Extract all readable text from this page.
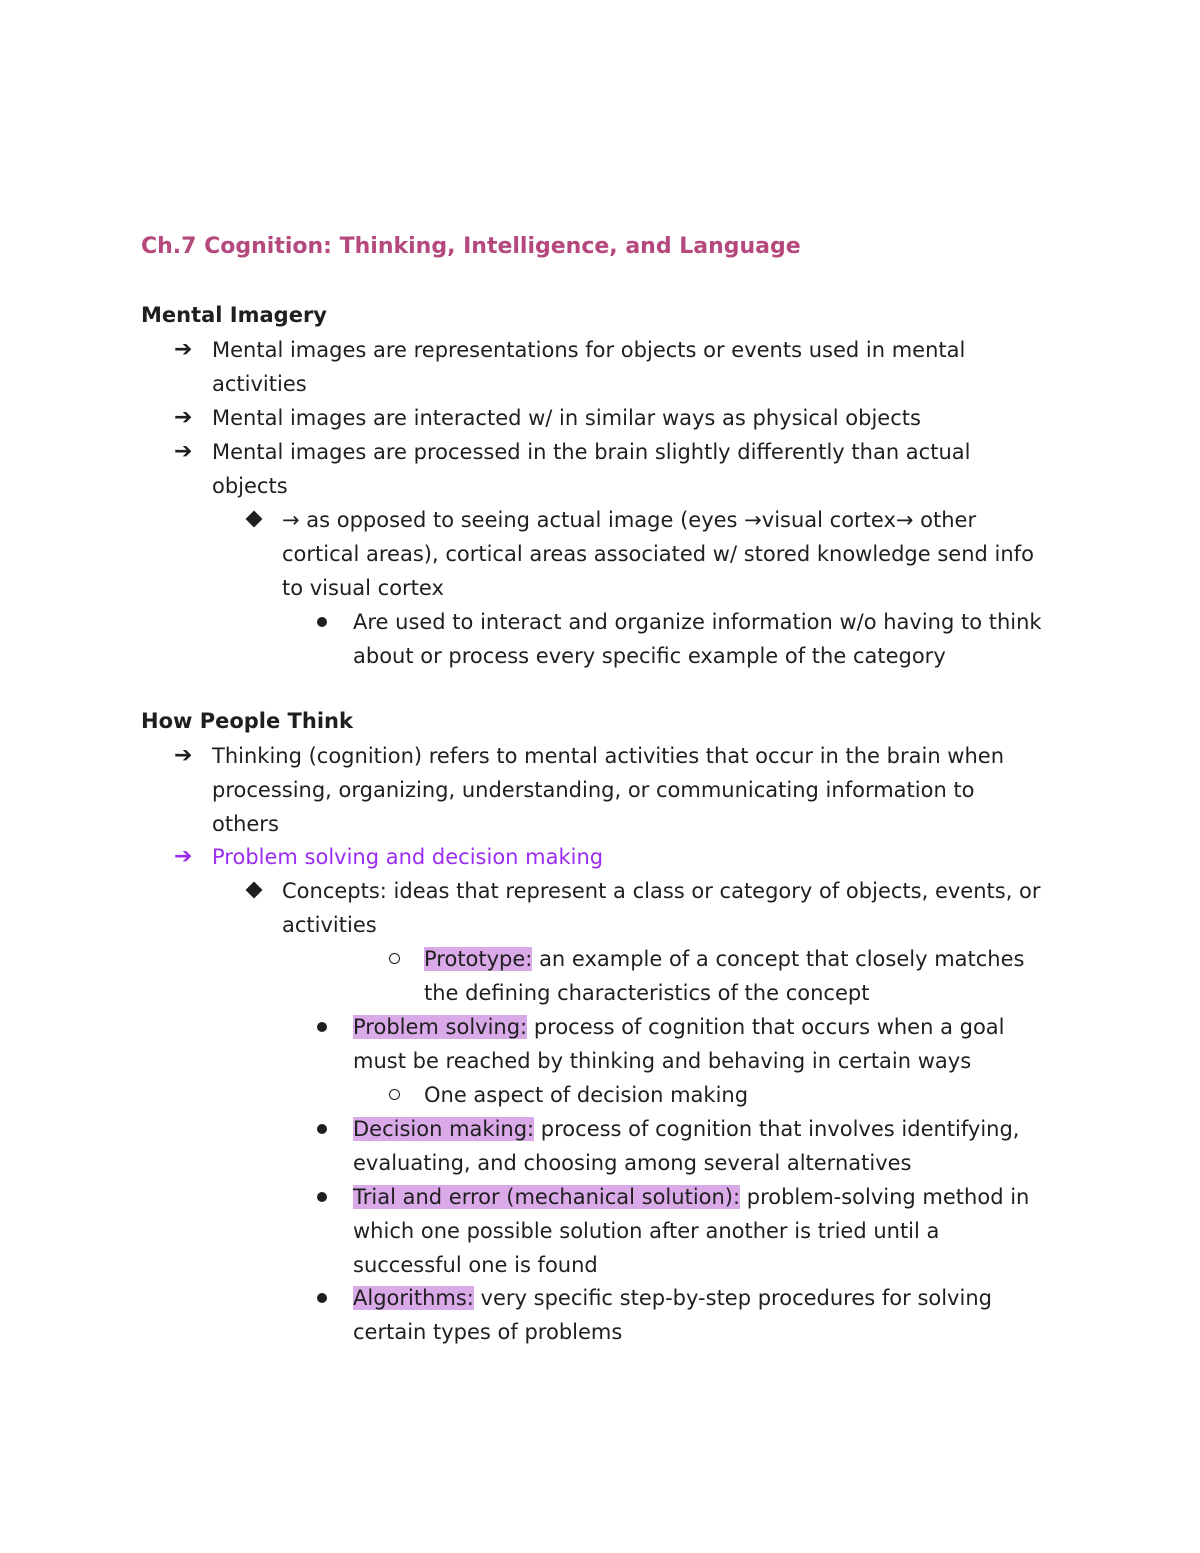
Ch.7 Cognition: Thinking, Intelligence, and Language
Mental Imagery
➔ Mental images are representations for objects or events used in mental activities
➔ Mental images are interacted w/ in similar ways as physical objects
➔ Mental images are processed in the brain slightly differently than actual objects
→ as opposed to seeing actual image (eyes →visual cortex→ other cortical areas), cortical areas associated w/ stored knowledge send info to visual cortex
Are used to interact and organize information w/o having to think about or process every specific example of the category
How People Think
➔ Thinking (cognition) refers to mental activities that occur in the brain when processing, organizing, understanding, or communicating information to others
➔ Problem solving and decision making
Concepts: ideas that represent a class or category of objects, events, or activities
Prototype: an example of a concept that closely matches the defining characteristics of the concept
Problem solving: process of cognition that occurs when a goal must be reached by thinking and behaving in certain ways
One aspect of decision making
Decision making: process of cognition that involves identifying, evaluating, and choosing among several alternatives
Trial and error (mechanical solution): problem-solving method in which one possible solution after another is tried until a successful one is found
Algorithms: very specific step-by-step procedures for solving certain types of problems
